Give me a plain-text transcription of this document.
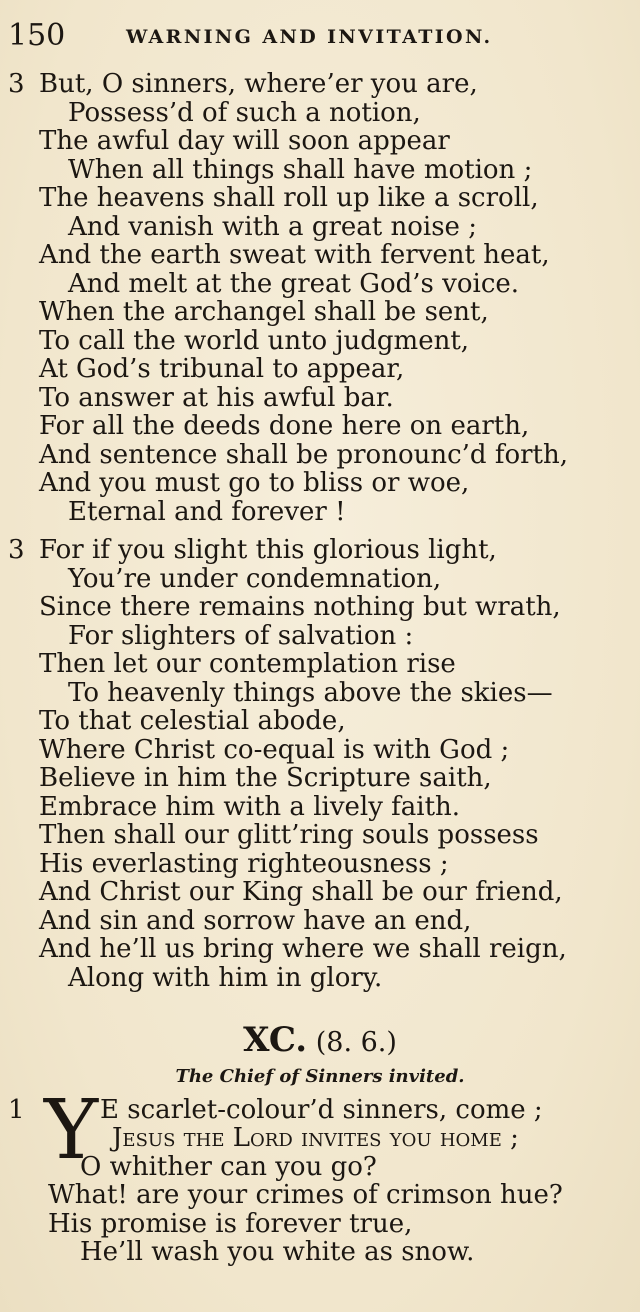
150	WARNING AND INVITATION.
3 But, O sinners, where’er you are,
Possess’d of such a notion,
The awful day will soon appear
When all things shall have motion ;
The heavens shall roll up like a scroll,
And vanish with a great noise ;
And the earth sweat with fervent heat,
And melt at the great God’s voice.
When the archangel shall be sent,
To call the world unto judgment,
At God’s tribunal to appear,
To answer at his awful bar.
For all the deeds done here on earth,
And sentence shall be pronounc’d forth,
And you must go to bliss or woe,
Eternal and forever !
3 For if you slight this glorious light,
You’re under condemnation,
Since there remains nothing but wrath,
For slighters of salvation :
Then let our contemplation rise
To heavenly things above the skies—
To that celestial abode,
Where Christ co-equal is with God ;
Believe in him the Scripture saith,
Embrace him with a lively faith.
Then shall our glitt’ring souls possess
His everlasting righteousness ;
And Christ our King shall be our friend,
And sin and sorrow have an end,
And he’ll us bring where we shall reign,
Along with him in glory.
XC. (8. 6.)
The Chief of Sinners invited.
1 Y E scarlet-colour’d sinners, come ;
Jesus the Lord invites you home ;
O whither can you go?
What! are your crimes of crimson hue?
His promise is forever true,
He’ll wash you white as snow.
